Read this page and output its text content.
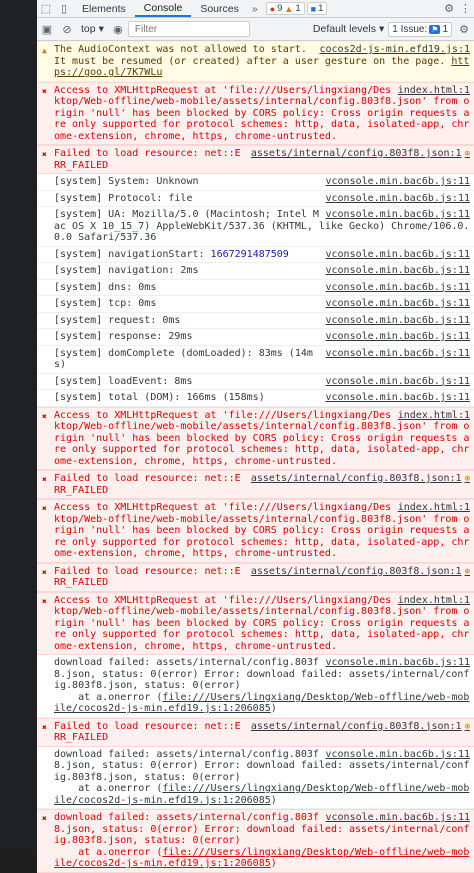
⬚ ▯	Elements	Console	Sources	»	● 9 ▲ 1 ■ 1	⚙ ⋮
▣ ⊘ top ▾ ◉
Filter	Default levels ▾ 1 Issue: ⚑ 1	⚙
▲	cocos2d-js-min.efd19.js:1
The AudioContext was not allowed to start. It must be resumed (or created) after a user gesture on the page. https://goo.gl/7K7WLu
✖	index.html:1
Access to XMLHttpRequest at 'file:///Users/lingxiang/Desktop/Web-offline/web-mobile/assets/internal/config.803f8.json' from origin 'null' has been blocked by CORS policy: Cross origin requests are only supported for protocol schemes: http, data, isolated-app, chrome-extension, chrome, https, chrome-untrusted.
✖	assets/internal/config.803f8.json:1 ⊕
Failed to load resource: net::ERR_FAILED
vconsole.min.bac6b.js:11
[system] System: Unknown
vconsole.min.bac6b.js:11
[system] Protocol: file
vconsole.min.bac6b.js:11
[system] UA: Mozilla/5.0 (Macintosh; Intel Mac OS X 10_15_7) AppleWebKit/537.36 (KHTML, like Gecko) Chrome/106.0.0.0 Safari/537.36
vconsole.min.bac6b.js:11
[system] navigationStart: 1667291487509
vconsole.min.bac6b.js:11
[system] navigation: 2ms
vconsole.min.bac6b.js:11
[system] dns: 0ms
vconsole.min.bac6b.js:11
[system] tcp: 0ms
vconsole.min.bac6b.js:11
[system] request: 0ms
vconsole.min.bac6b.js:11
[system] response: 29ms
vconsole.min.bac6b.js:11
[system] domComplete (domLoaded): 83ms (14ms)
vconsole.min.bac6b.js:11
[system] loadEvent: 8ms
vconsole.min.bac6b.js:11
[system] total (DOM): 166ms (158ms)
✖	index.html:1
Access to XMLHttpRequest at 'file:///Users/lingxiang/Desktop/Web-offline/web-mobile/assets/internal/config.803f8.json' from origin 'null' has been blocked by CORS policy: Cross origin requests are only supported for protocol schemes: http, data, isolated-app, chrome-extension, chrome, https, chrome-untrusted.
✖	assets/internal/config.803f8.json:1 ⊕
Failed to load resource: net::ERR_FAILED
✖	index.html:1
Access to XMLHttpRequest at 'file:///Users/lingxiang/Desktop/Web-offline/web-mobile/assets/internal/config.803f8.json' from origin 'null' has been blocked by CORS policy: Cross origin requests are only supported for protocol schemes: http, data, isolated-app, chrome-extension, chrome, https, chrome-untrusted.
✖	assets/internal/config.803f8.json:1 ⊕
Failed to load resource: net::ERR_FAILED
✖	index.html:1
Access to XMLHttpRequest at 'file:///Users/lingxiang/Desktop/Web-offline/web-mobile/assets/internal/config.803f8.json' from origin 'null' has been blocked by CORS policy: Cross origin requests are only supported for protocol schemes: http, data, isolated-app, chrome-extension, chrome, https, chrome-untrusted.
vconsole.min.bac6b.js:11
download failed: assets/internal/config.803f8.json, status: 0(error) Error: download failed: assets/internal/config.803f8.json, status: 0(error)
at a.onerror (file:///Users/lingxiang/Desktop/Web-offline/web-mobile/cocos2d-js-min.efd19.js:1:206085)
✖	assets/internal/config.803f8.json:1 ⊕
Failed to load resource: net::ERR_FAILED
vconsole.min.bac6b.js:11
download failed: assets/internal/config.803f8.json, status: 0(error) Error: download failed: assets/internal/config.803f8.json, status: 0(error)
at a.onerror (file:///Users/lingxiang/Desktop/Web-offline/web-mobile/cocos2d-js-min.efd19.js:1:206085)
✖	vconsole.min.bac6b.js:11
download failed: assets/internal/config.803f8.json, status: 0(error) Error: download failed: assets/internal/config.803f8.json, status: 0(error)
at a.onerror (file:///Users/lingxiang/Desktop/Web-offline/web-mobile/cocos2d-js-min.efd19.js:1:206085)
